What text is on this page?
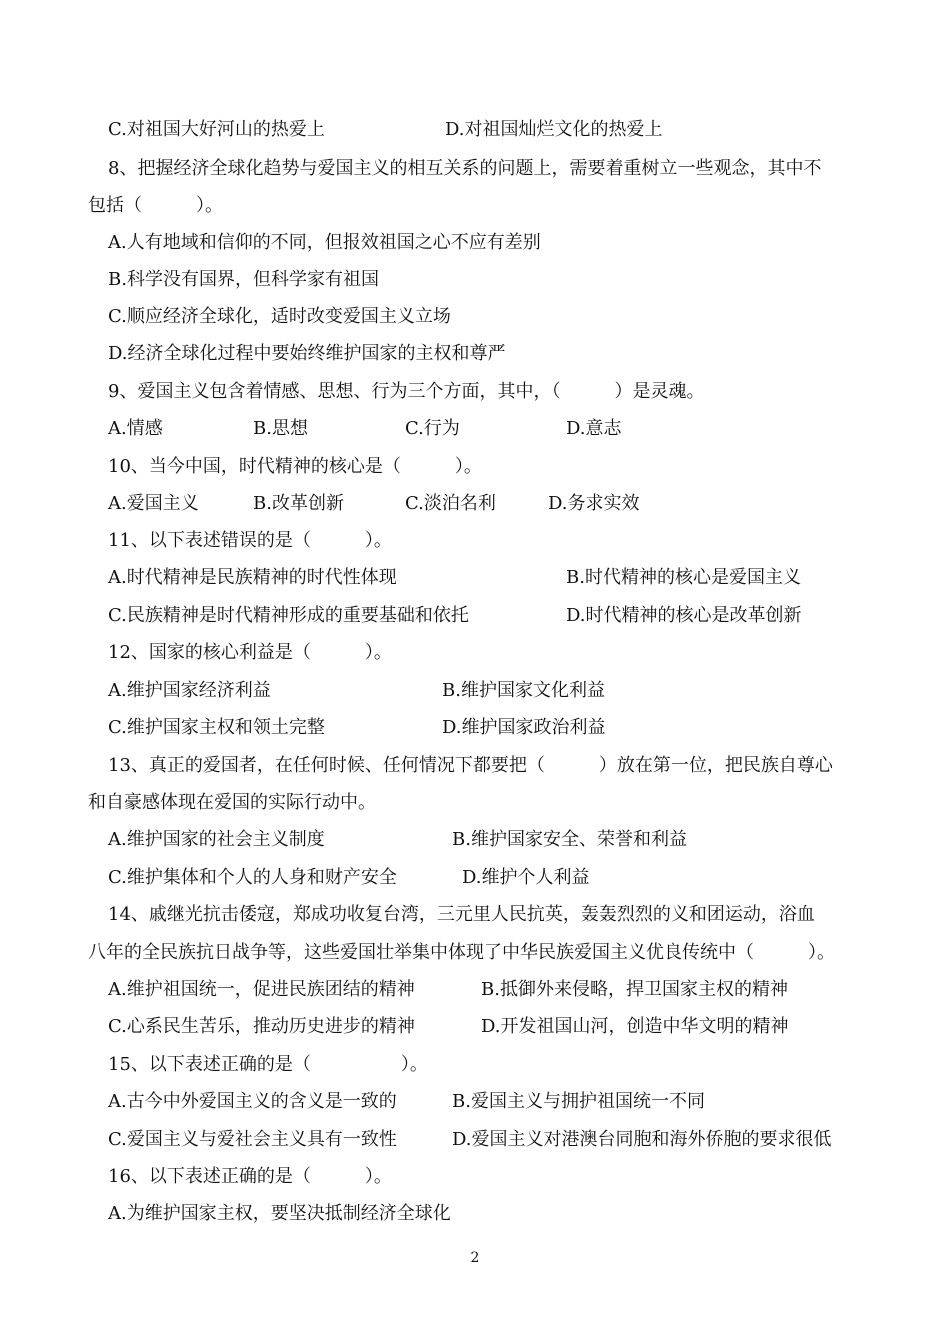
C.对祖国大好河山的热爱上	D.对祖国灿烂文化的热爱上
8、把握经济全球化趋势与爱国主义的相互关系的问题上，需要着重树立一些观念，其中不
包括（　　　）。
A.人有地域和信仰的不同，但报效祖国之心不应有差别
B.科学没有国界，但科学家有祖国
C.顺应经济全球化，适时改变爱国主义立场
D.经济全球化过程中要始终维护国家的主权和尊严
9、爱国主义包含着情感、思想、行为三个方面，其中，（　　　）是灵魂。
A.情感	B.思想	C.行为	D.意志
10、当今中国，时代精神的核心是（　　　）。
A.爱国主义	B.改革创新	C.淡泊名利	D.务求实效
11、以下表述错误的是（　　　）。
A.时代精神是民族精神的时代性体现	B.时代精神的核心是爱国主义
C.民族精神是时代精神形成的重要基础和依托	D.时代精神的核心是改革创新
12、国家的核心利益是（　　　）。
A.维护国家经济利益	B.维护国家文化利益
C.维护国家主权和领土完整	D.维护国家政治利益
13、真正的爱国者，在任何时候、任何情况下都要把（　　　）放在第一位，把民族自尊心
和自豪感体现在爱国的实际行动中。
A.维护国家的社会主义制度	B.维护国家安全、荣誉和利益
C.维护集体和个人的人身和财产安全	D.维护个人利益
14、戚继光抗击倭寇，郑成功收复台湾，三元里人民抗英，轰轰烈烈的义和团运动，浴血
八年的全民族抗日战争等，这些爱国壮举集中体现了中华民族爱国主义优良传统中（　　　）。
A.维护祖国统一，促进民族团结的精神	B.抵御外来侵略，捍卫国家主权的精神
C.心系民生苦乐，推动历史进步的精神	D.开发祖国山河，创造中华文明的精神
15、以下表述正确的是（　　　　　）。
A.古今中外爱国主义的含义是一致的	B.爱国主义与拥护祖国统一不同
C.爱国主义与爱社会主义具有一致性	D.爱国主义对港澳台同胞和海外侨胞的要求很低
16、以下表述正确的是（　　　）。
A.为维护国家主权，要坚决抵制经济全球化
2
